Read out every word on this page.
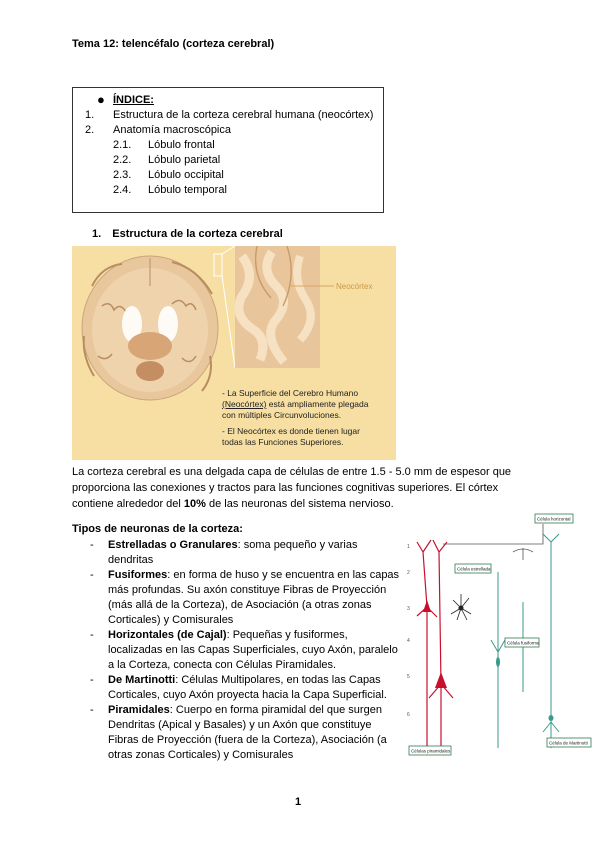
Tema 12: telencéfalo (corteza cerebral)
● ÍNDICE:
1. Estructura de la corteza cerebral humana (neocórtex)
2. Anatomía macroscópica
2.1. Lóbulo frontal
2.2. Lóbulo parietal
2.3. Lóbulo occipital
2.4. Lóbulo temporal
1. Estructura de la corteza cerebral
Neocórtex
- La Superficie del Cerebro Humano
(Neocórtex) está ampliamente plegada
con múltiples Circunvoluciones.
- El Neocórtex es donde tienen lugar
todas las Funciones Superiores.
La corteza cerebral es una delgada capa de células de entre 1.5 - 5.0 mm de espesor que proporciona las conexiones y tractos para las funciones cognitivas superiores. El córtex contiene alrededor del 10% de las neuronas del sistema nervioso.
Tipos de neuronas de la corteza:
- Estrelladas o Granulares: soma pequeño y varias dendritas
- Fusiformes: en forma de huso y se encuentra en las capas más profundas. Su axón constituye Fibras de Proyección (más allá de la Corteza), de Asociación (a otras zonas Corticales) y Comisurales
- Horizontales (de Cajal): Pequeñas y fusiformes, localizadas en las Capas Superficiales, cuyo Axón, paralelo a la Corteza, conecta con Células Piramidales.
- De Martinotti: Células Multipolares, en todas las Capas Corticales, cuyo Axón proyecta hacia la Capa Superficial.
- Piramidales: Cuerpo en forma piramidal del que surgen Dendritas (Apical y Basales) y un Axón que constituye Fibras de Proyección (fuera de la Corteza), Asociación (a otras zonas Corticales) y Comisurales
1
2
3
4
5
6
Célula horizontal
Célula estrellada
Célula fusiforme
Células piramidales
Célula de Martinotti
1
